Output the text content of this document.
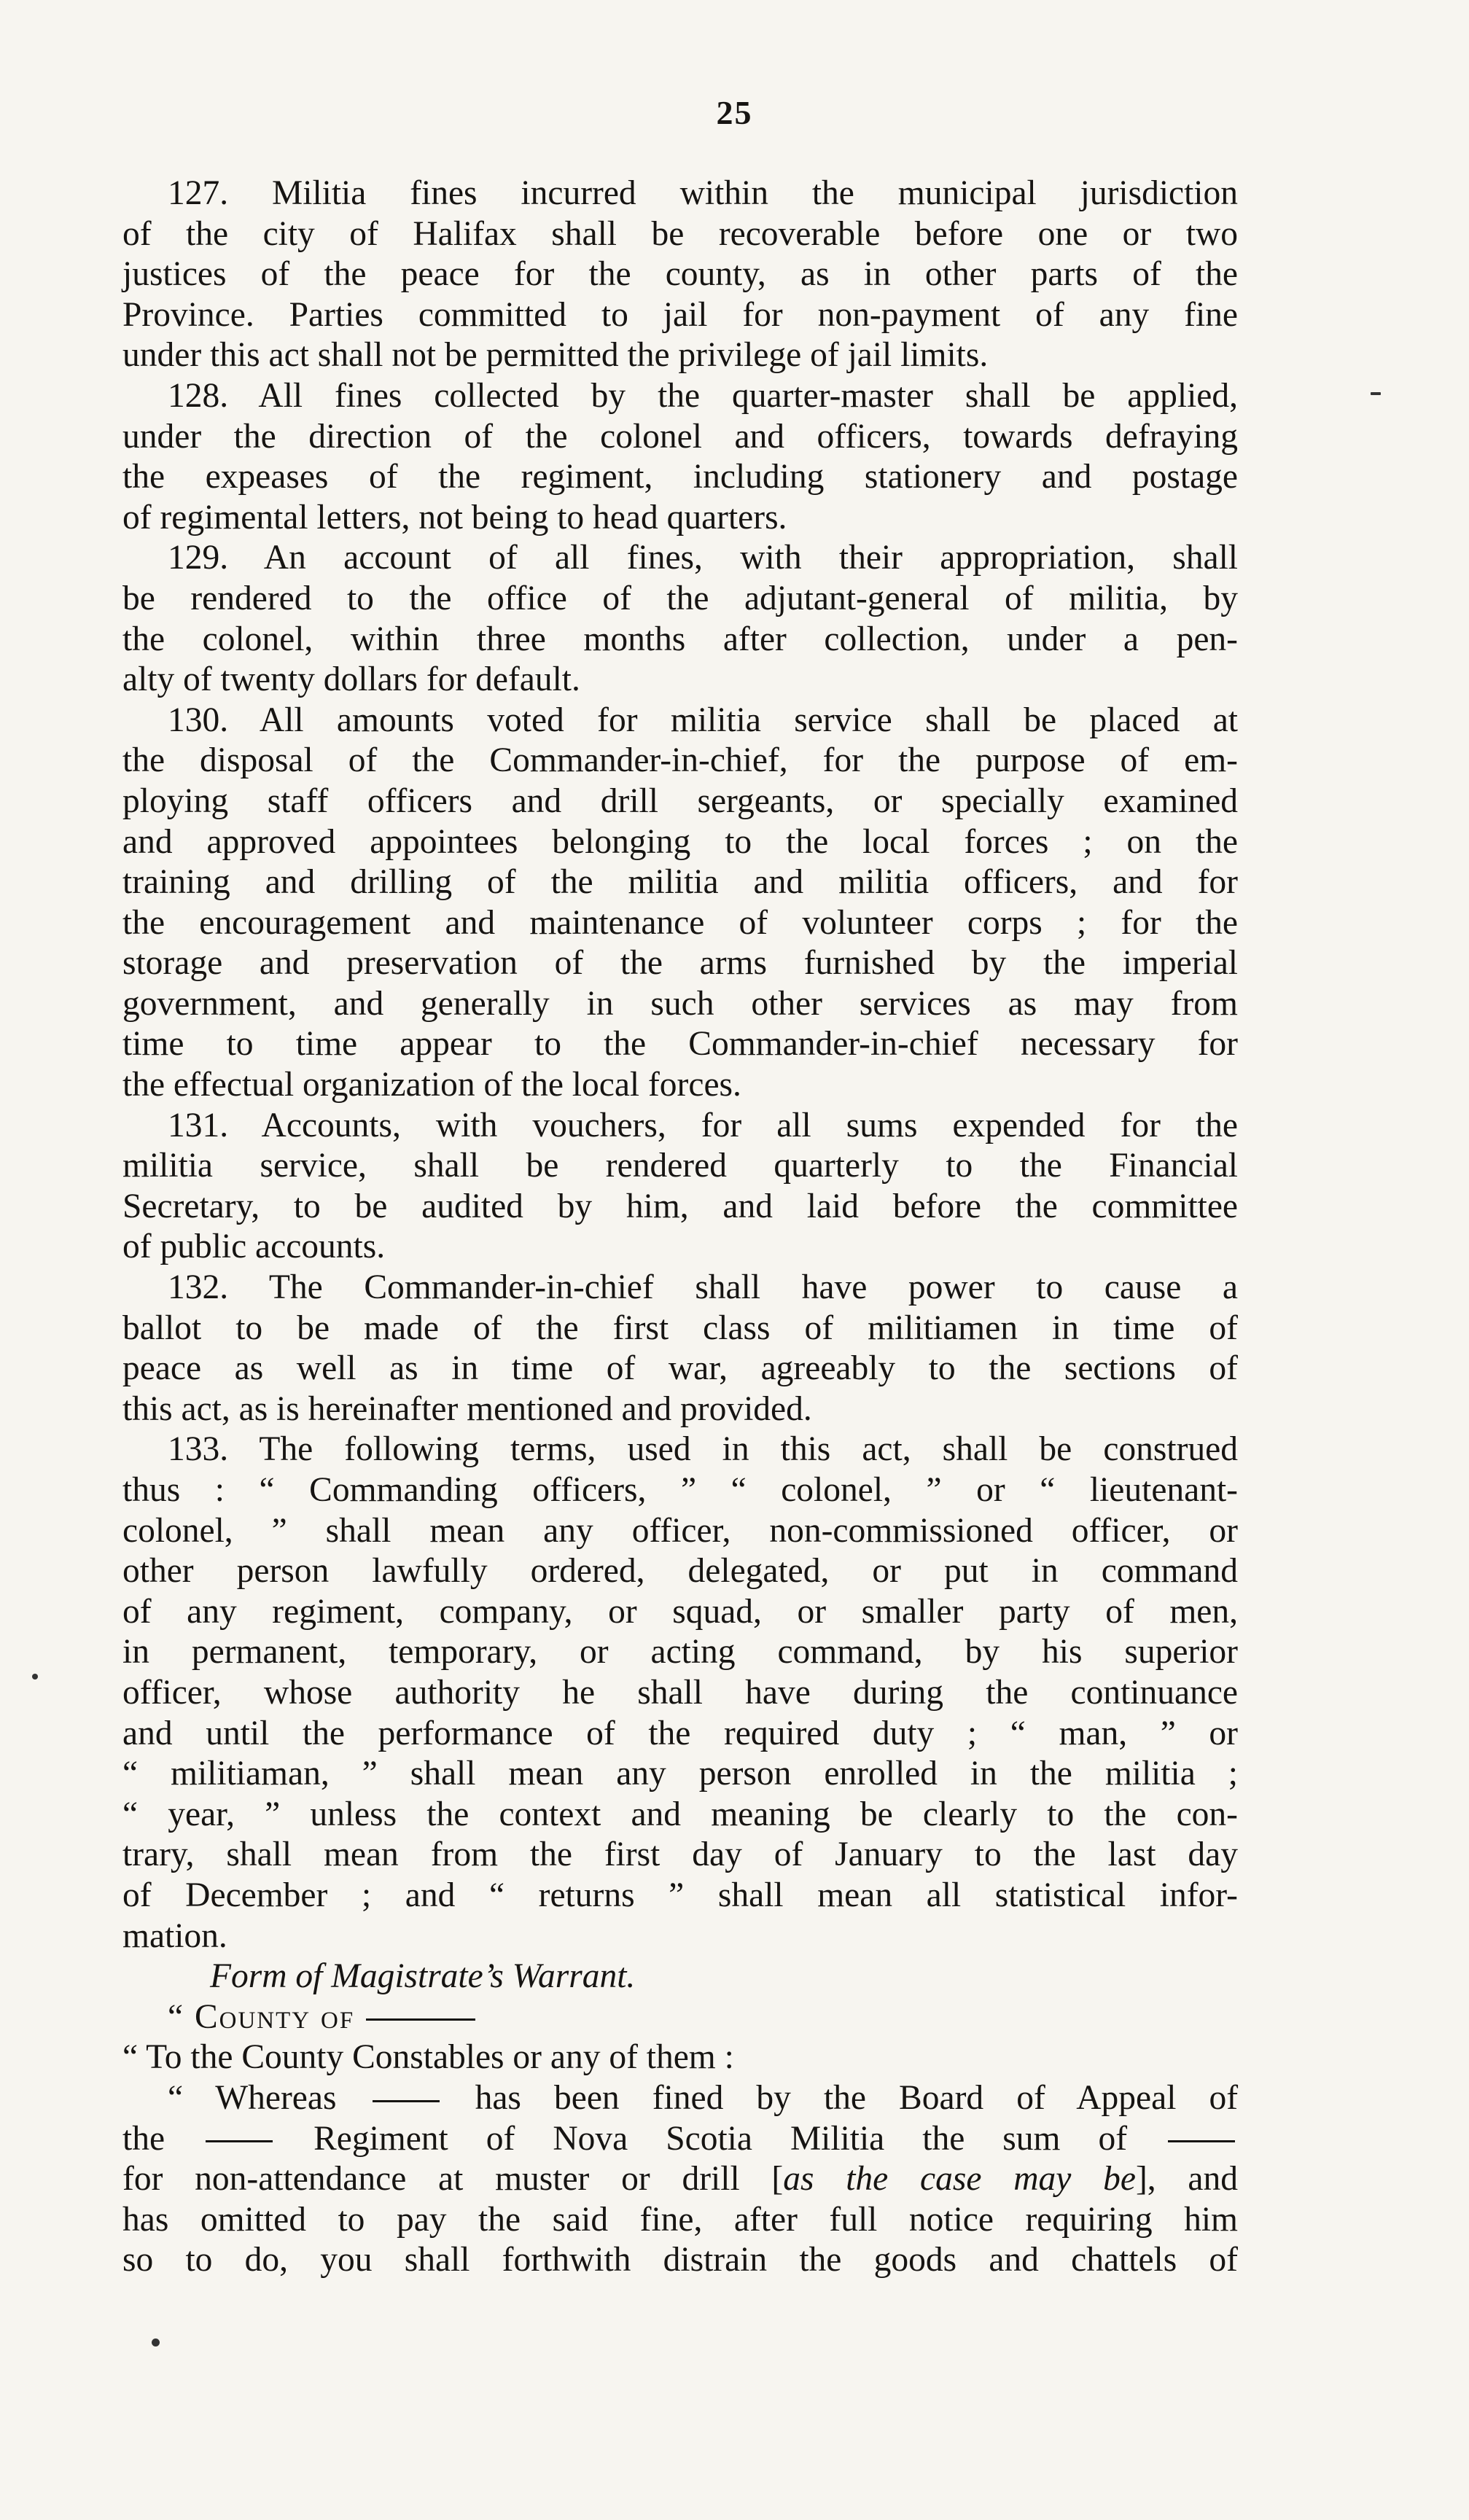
25
127. Militia fines incurred within the municipal jurisdiction
of the city of Halifax shall be recoverable before one or two
justices of the peace for the county, as in other parts of the
Province. Parties committed to jail for non-payment of any fine
under this act shall not be permitted the privilege of jail limits.
128. All fines collected by the quarter-master shall be applied,
under the direction of the colonel and officers, towards defraying
the expeases of the regiment, including stationery and postage
of regimental letters, not being to head quarters.
129. An account of all fines, with their appropriation, shall
be rendered to the office of the adjutant-general of militia, by
the colonel, within three months after collection, under a pen-
alty of twenty dollars for default.
130. All amounts voted for militia service shall be placed at
the disposal of the Commander-in-chief, for the purpose of em-
ploying staff officers and drill sergeants, or specially examined
and approved appointees belonging to the local forces ; on the
training and drilling of the militia and militia officers, and for
the encouragement and maintenance of volunteer corps ; for the
storage and preservation of the arms furnished by the imperial
government, and generally in such other services as may from
time to time appear to the Commander-in-chief necessary for
the effectual organization of the local forces.
131. Accounts, with vouchers, for all sums expended for the
militia service, shall be rendered quarterly to the Financial
Secretary, to be audited by him, and laid before the committee
of public accounts.
132. The Commander-in-chief shall have power to cause a
ballot to be made of the first class of militiamen in time of
peace as well as in time of war, agreeably to the sections of
this act, as is hereinafter mentioned and provided.
133. The following terms, used in this act, shall be construed
thus : “ Commanding officers, ” “ colonel, ” or “ lieutenant-
colonel, ” shall mean any officer, non-commissioned officer, or
other person lawfully ordered, delegated, or put in command
of any regiment, company, or squad, or smaller party of men,
in permanent, temporary, or acting command, by his superior
officer, whose authority he shall have during the continuance
and until the performance of the required duty ; “ man, ” or
“ militiaman, ” shall mean any person enrolled in the militia ;
“ year, ” unless the context and meaning be clearly to the con-
trary, shall mean from the first day of January to the last day
of December ; and “ returns ” shall mean all statistical infor-
mation.
Form of Magistrate’s Warrant.
“ County of
“ To the County Constables or any of them :
“ Whereas	has been fined by the Board of Appeal of
the	Regiment of Nova Scotia Militia the sum of
for non-attendance at muster or drill [as the case may be], and
has omitted to pay the said fine, after full notice requiring him
so to do, you shall forthwith distrain the goods and chattels of
